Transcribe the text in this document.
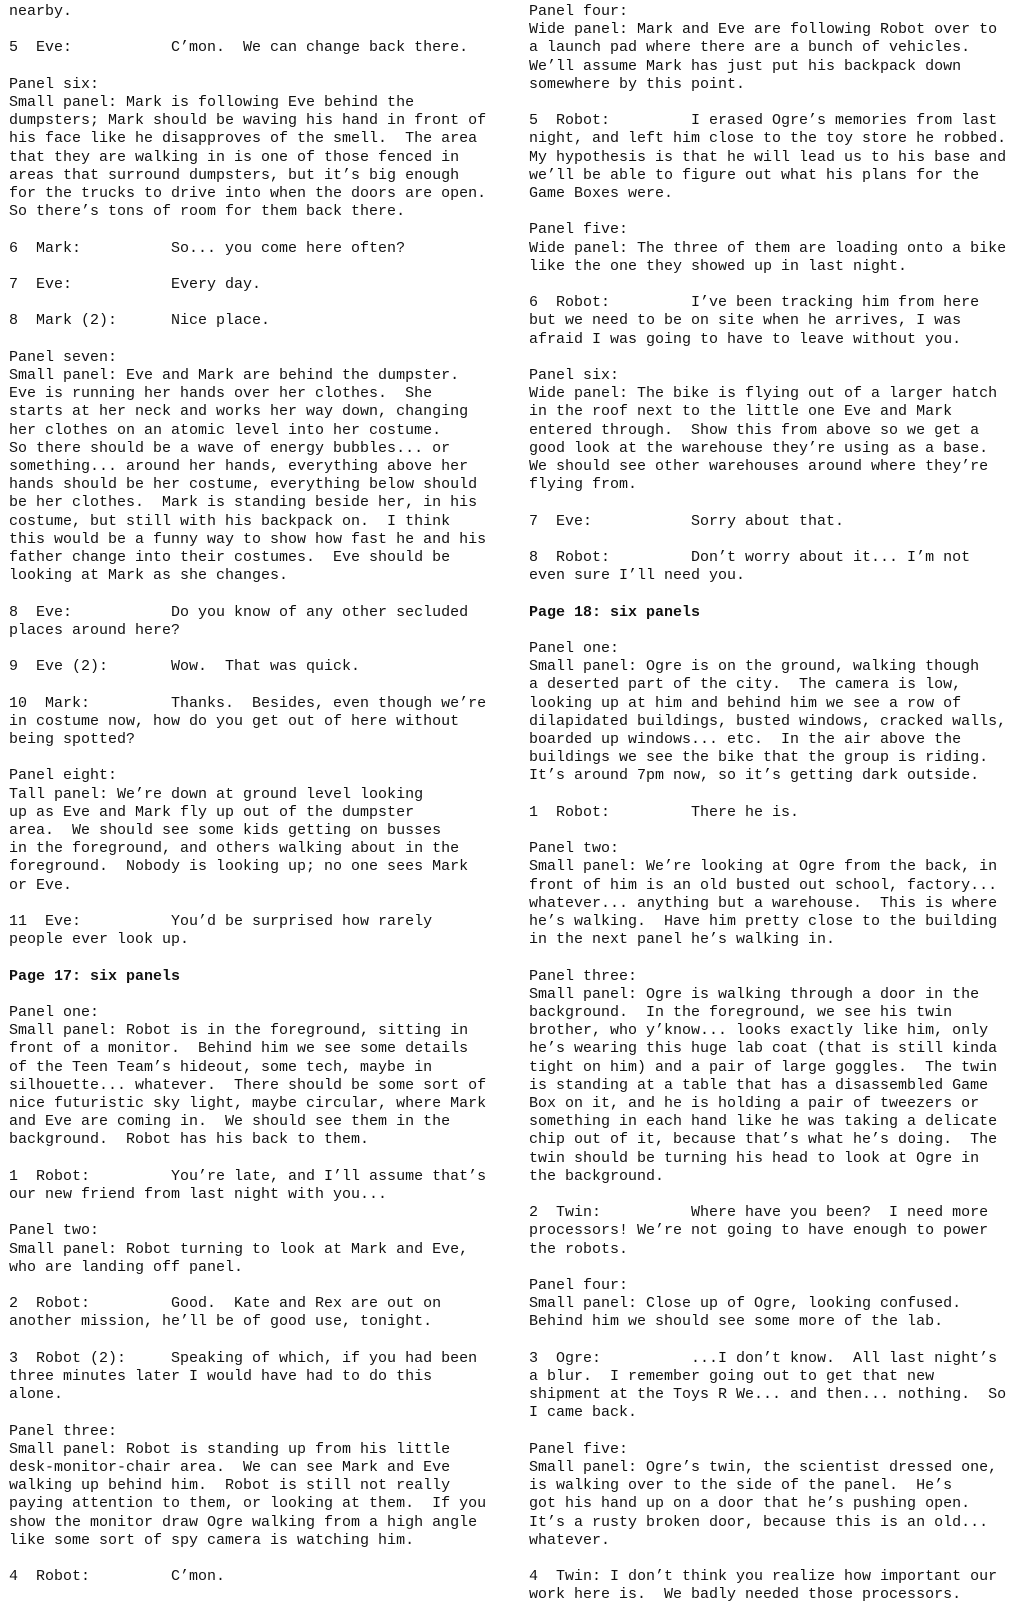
nearby.
5  Eve:           C’mon.  We can change back there.
Panel six:
Small panel: Mark is following Eve behind the
dumpsters; Mark should be waving his hand in front of
his face like he disapproves of the smell.  The area
that they are walking in is one of those fenced in
areas that surround dumpsters, but it’s big enough
for the trucks to drive into when the doors are open.
So there’s tons of room for them back there.
6  Mark:          So... you come here often?
7  Eve:           Every day.
8  Mark (2):      Nice place.
Panel seven:
Small panel: Eve and Mark are behind the dumpster.
Eve is running her hands over her clothes.  She
starts at her neck and works her way down, changing
her clothes on an atomic level into her costume.
So there should be a wave of energy bubbles... or
something... around her hands, everything above her
hands should be her costume, everything below should
be her clothes.  Mark is standing beside her, in his
costume, but still with his backpack on.  I think
this would be a funny way to show how fast he and his
father change into their costumes.  Eve should be
looking at Mark as she changes.
8  Eve:           Do you know of any other secluded
places around here?
9  Eve (2):       Wow.  That was quick.
10  Mark:         Thanks.  Besides, even though we’re
in costume now, how do you get out of here without
being spotted?
Panel eight:
Tall panel: We’re down at ground level looking
up as Eve and Mark fly up out of the dumpster
area.  We should see some kids getting on busses
in the foreground, and others walking about in the
foreground.  Nobody is looking up; no one sees Mark
or Eve.
11  Eve:          You’d be surprised how rarely
people ever look up.
Page 17: six panels
Panel one:
Small panel: Robot is in the foreground, sitting in
front of a monitor.  Behind him we see some details
of the Teen Team’s hideout, some tech, maybe in
silhouette... whatever.  There should be some sort of
nice futuristic sky light, maybe circular, where Mark
and Eve are coming in.  We should see them in the
background.  Robot has his back to them.
1  Robot:         You’re late, and I’ll assume that’s
our new friend from last night with you...
Panel two:
Small panel: Robot turning to look at Mark and Eve,
who are landing off panel.
2  Robot:         Good.  Kate and Rex are out on
another mission, he’ll be of good use, tonight.
3  Robot (2):     Speaking of which, if you had been
three minutes later I would have had to do this
alone.
Panel three:
Small panel: Robot is standing up from his little
desk-monitor-chair area.  We can see Mark and Eve
walking up behind him.  Robot is still not really
paying attention to them, or looking at them.  If you
show the monitor draw Ogre walking from a high angle
like some sort of spy camera is watching him.
4  Robot:         C’mon.
Panel four:
Wide panel: Mark and Eve are following Robot over to
a launch pad where there are a bunch of vehicles.
We’ll assume Mark has just put his backpack down
somewhere by this point.
5  Robot:         I erased Ogre’s memories from last
night, and left him close to the toy store he robbed.
My hypothesis is that he will lead us to his base and
we’ll be able to figure out what his plans for the
Game Boxes were.
Panel five:
Wide panel: The three of them are loading onto a bike
like the one they showed up in last night.
6  Robot:         I’ve been tracking him from here
but we need to be on site when he arrives, I was
afraid I was going to have to leave without you.
Panel six:
Wide panel: The bike is flying out of a larger hatch
in the roof next to the little one Eve and Mark
entered through.  Show this from above so we get a
good look at the warehouse they’re using as a base.
We should see other warehouses around where they’re
flying from.
7  Eve:           Sorry about that.
8  Robot:         Don’t worry about it... I’m not
even sure I’ll need you.
Page 18: six panels
Panel one:
Small panel: Ogre is on the ground, walking though
a deserted part of the city.  The camera is low,
looking up at him and behind him we see a row of
dilapidated buildings, busted windows, cracked walls,
boarded up windows... etc.  In the air above the
buildings we see the bike that the group is riding.
It’s around 7pm now, so it’s getting dark outside.
1  Robot:         There he is.
Panel two:
Small panel: We’re looking at Ogre from the back, in
front of him is an old busted out school, factory...
whatever... anything but a warehouse.  This is where
he’s walking.  Have him pretty close to the building
in the next panel he’s walking in.
Panel three:
Small panel: Ogre is walking through a door in the
background.  In the foreground, we see his twin
brother, who y’know... looks exactly like him, only
he’s wearing this huge lab coat (that is still kinda
tight on him) and a pair of large goggles.  The twin
is standing at a table that has a disassembled Game
Box on it, and he is holding a pair of tweezers or
something in each hand like he was taking a delicate
chip out of it, because that’s what he’s doing.  The
twin should be turning his head to look at Ogre in
the background.
2  Twin:          Where have you been?  I need more
processors! We’re not going to have enough to power
the robots.
Panel four:
Small panel: Close up of Ogre, looking confused.
Behind him we should see some more of the lab.
3  Ogre:          ...I don’t know.  All last night’s
a blur.  I remember going out to get that new
shipment at the Toys R We... and then... nothing.  So
I came back.
Panel five:
Small panel: Ogre’s twin, the scientist dressed one,
is walking over to the side of the panel.  He’s
got his hand up on a door that he’s pushing open.
It’s a rusty broken door, because this is an old...
whatever.
4  Twin: I don’t think you realize how important our
work here is.  We badly needed those processors.
